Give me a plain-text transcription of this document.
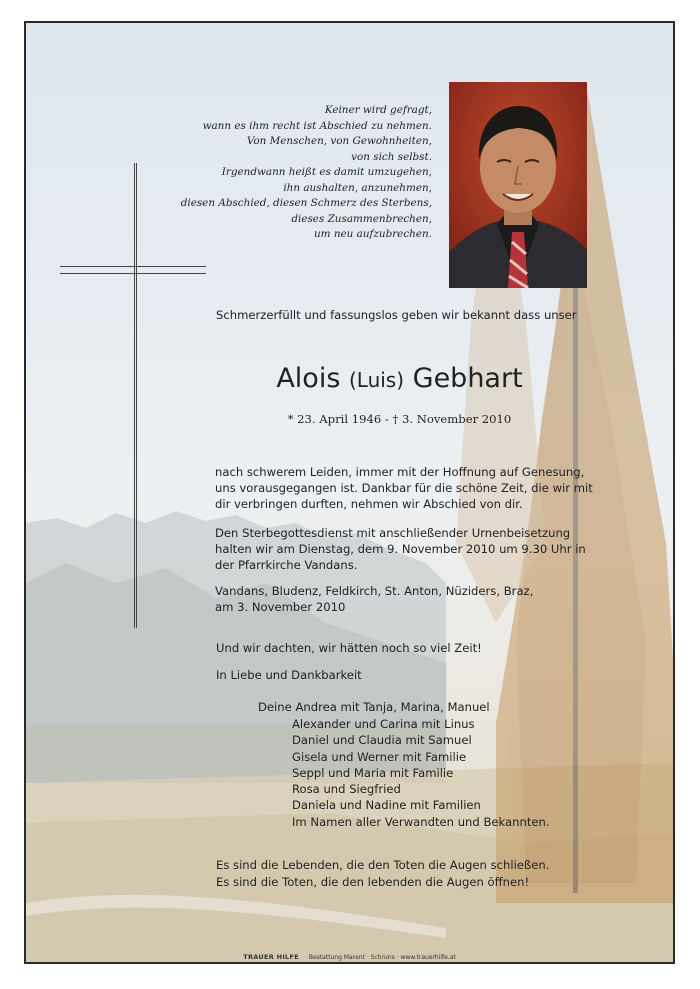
Keiner wird gefragt,
wann es ihm recht ist Abschied zu nehmen.
Von Menschen, von Gewohnheiten,
von sich selbst.
Irgendwann heißt es damit umzugehen,
ihn aushalten, anzunehmen,
diesen Abschied, diesen Schmerz des Sterbens,
dieses Zusammenbrechen,
um neu aufzubrechen.
Schmerzerfüllt und fassungslos geben wir bekannt dass unser
Alois (Luis) Gebhart
* 23. April 1946 - † 3. November 2010
nach schwerem Leiden, immer mit der Hoffnung auf Genesung, uns vorausgegangen ist. Dankbar für die schöne Zeit, die wir mit dir verbringen durften, nehmen wir Abschied von dir.
Den Sterbegottesdienst mit anschließender Urnenbeisetzung halten wir am Dienstag, dem 9. November 2010 um 9.30 Uhr in der Pfarrkirche Vandans.
Vandans, Bludenz, Feldkirch, St. Anton, Nüziders, Braz,
am 3. November 2010
Und wir dachten, wir hätten noch so viel Zeit!
In Liebe und Dankbarkeit
Deine Andrea mit Tanja, Marina, Manuel
Alexander und Carina mit Linus
Daniel und Claudia mit Samuel
Gisela und Werner mit Familie
Seppl und Maria mit Familie
Rosa und Siegfried
Daniela und Nadine mit Familien
Im Namen aller Verwandten und Bekannten.
Es sind die Lebenden, die den Toten die Augen schließen.
Es sind die Toten, die den lebenden die Augen öffnen!
TRAUER HILFE Bestattung Marent · Schruns · www.trauerhilfe.at
